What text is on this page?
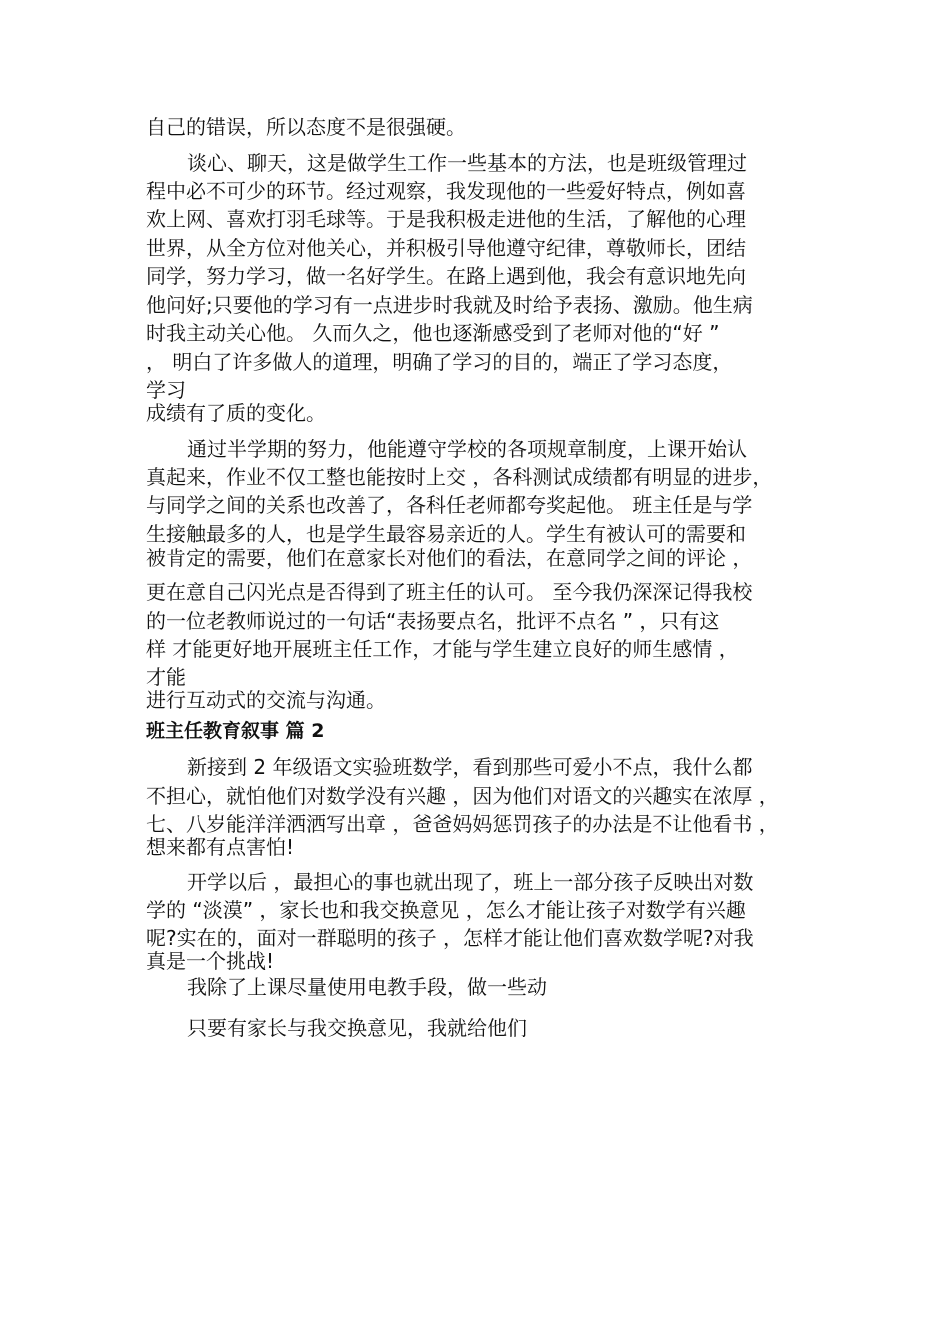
自己的错误，所以态度不是很强硬。
谈心、聊天，这是做学生工作一些基本的方法，也是班级管理过
程中必不可少的环节。经过观察，我发现他的一些爱好特点，例如喜
欢上网、喜欢打羽毛球等。于是我积极走进他的生活，了解他的心理
世界，从全方位对他关心，并积极引导他遵守纪律，尊敬师长，团结
同学，努力学习，做一名好学生。在路上遇到他，我会有意识地先向
他问好;只要他的学习有一点进步时我就及时给予表扬、激励。他生病
时我主动关心他。 久而久之，他也逐渐感受到了老师对他的“好 ”
， 明白了许多做人的道理，明确了学习的目的，端正了学习态度，
学习
成绩有了质的变化。
通过半学期的努力，他能遵守学校的各项规章制度，上课开始认
真起来，作业不仅工整也能按时上交 ，各科测试成绩都有明显的进步，
与同学之间的关系也改善了，各科任老师都夸奖起他。 班主任是与学
生接触最多的人，也是学生最容易亲近的人。学生有被认可的需要和
被肯定的需要，他们在意家长对他们的看法，在意同学之间的评论 ，
更在意自己闪光点是否得到了班主任的认可。 至今我仍深深记得我校
的一位老教师说过的一句话“表扬要点名，批评不点名 ” ，只有这
样 才能更好地开展班主任工作，才能与学生建立良好的师生感情 ，
才能
进行互动式的交流与沟通。
班主任教育叙事 篇 2
新接到 2 年级语文实验班数学，看到那些可爱小不点，我什么都
不担心，就怕他们对数学没有兴趣 ，因为他们对语文的兴趣实在浓厚 ，
七、八岁能洋洋洒洒写出章 ，爸爸妈妈惩罚孩子的办法是不让他看书 ，
想来都有点害怕!
开学以后 ，最担心的事也就出现了，班上一部分孩子反映出对数
学的 “淡漠” ，家长也和我交换意见 ，怎么才能让孩子对数学有兴趣
呢?实在的，面对一群聪明的孩子 ，怎样才能让他们喜欢数学呢?对我
真是一个挑战!
我除了上课尽量使用电教手段，做一些动
只要有家长与我交换意见，我就给他们
